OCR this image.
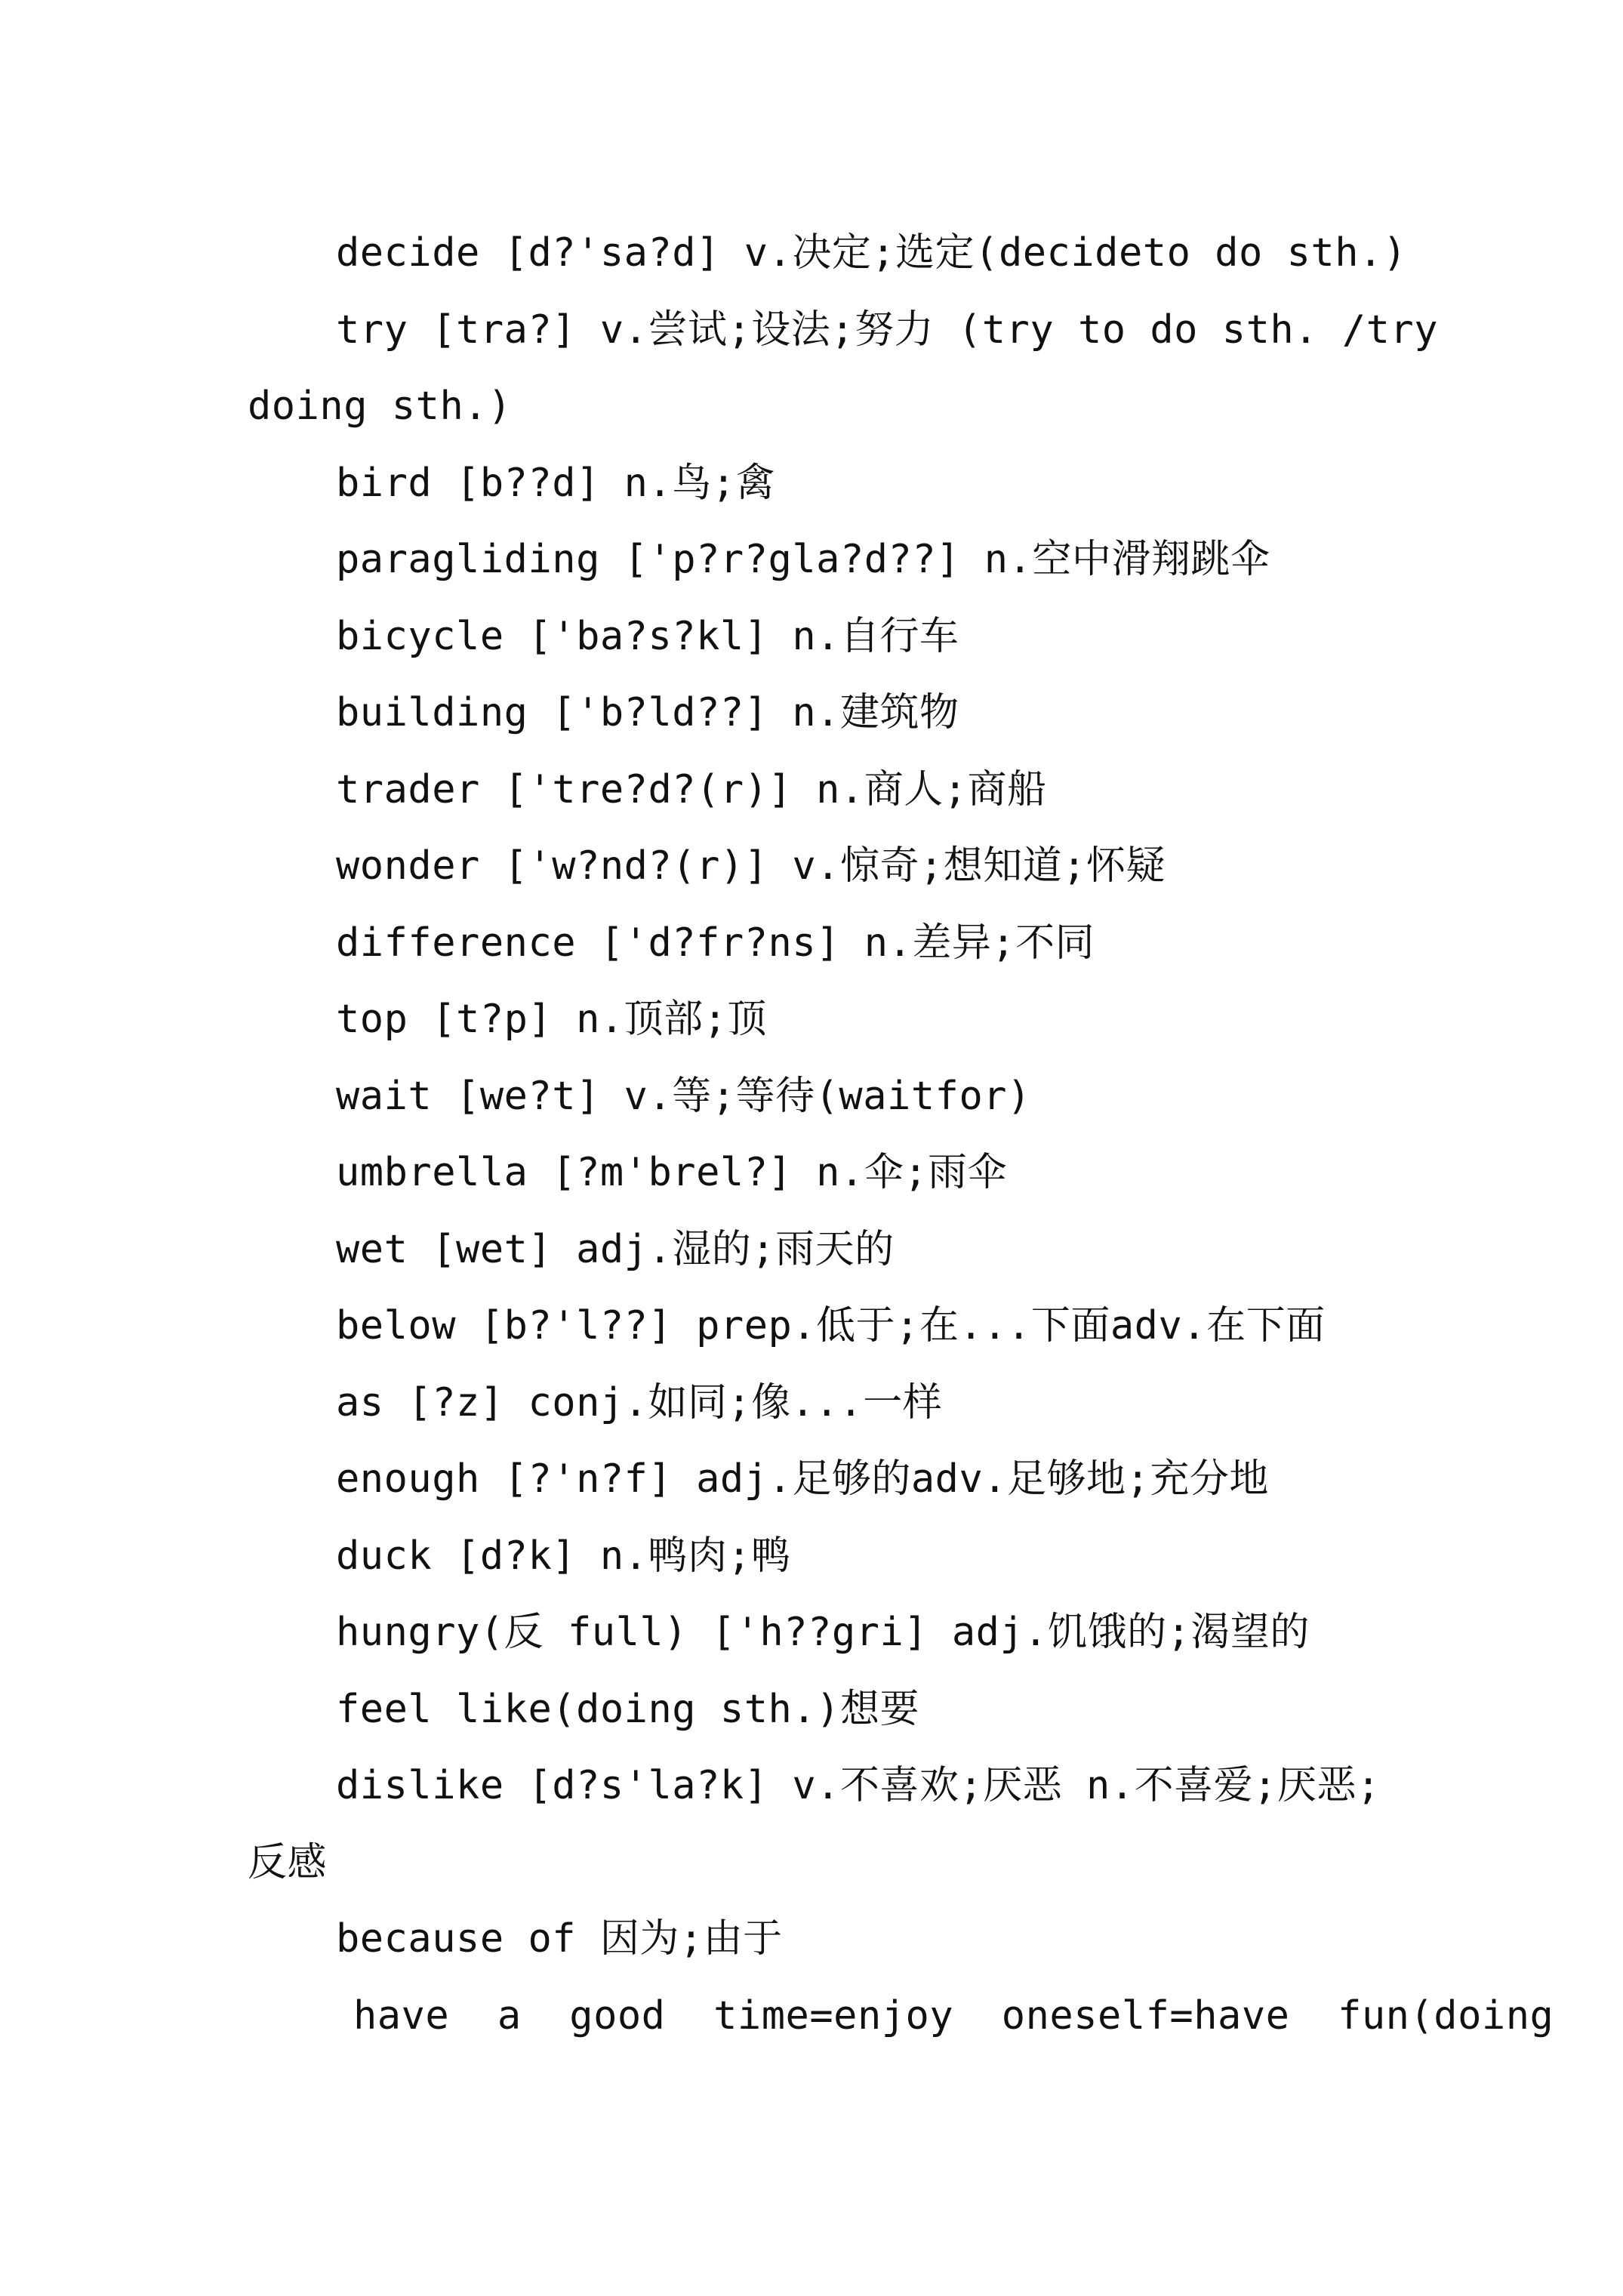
decide [d?'sa?d] v.决定;选定(decideto do sth.)
try [tra?] v.尝试;设法;努力 (try to do sth. /try
doing sth.)
bird [b??d] n.鸟;禽
paragliding ['p?r?gla?d??] n.空中滑翔跳伞
bicycle ['ba?s?kl] n.自行车
building ['b?ld??] n.建筑物
trader ['tre?d?(r)] n.商人;商船
wonder ['w?nd?(r)] v.惊奇;想知道;怀疑
difference ['d?fr?ns] n.差异;不同
top [t?p] n.顶部;顶
wait [we?t] v.等;等待(waitfor)
umbrella [?m'brel?] n.伞;雨伞
wet [wet] adj.湿的;雨天的
below [b?'l??] prep.低于;在...下面adv.在下面
as [?z] conj.如同;像...一样
enough [?'n?f] adj.足够的adv.足够地;充分地
duck [d?k] n.鸭肉;鸭
hungry(反 full) ['h??gri] adj.饥饿的;渴望的
feel like(doing sth.)想要
dislike [d?s'la?k] v.不喜欢;厌恶 n.不喜爱;厌恶;
反感
because of 因为;由于
have  a  good  time=enjoy  oneself=have  fun(doing
